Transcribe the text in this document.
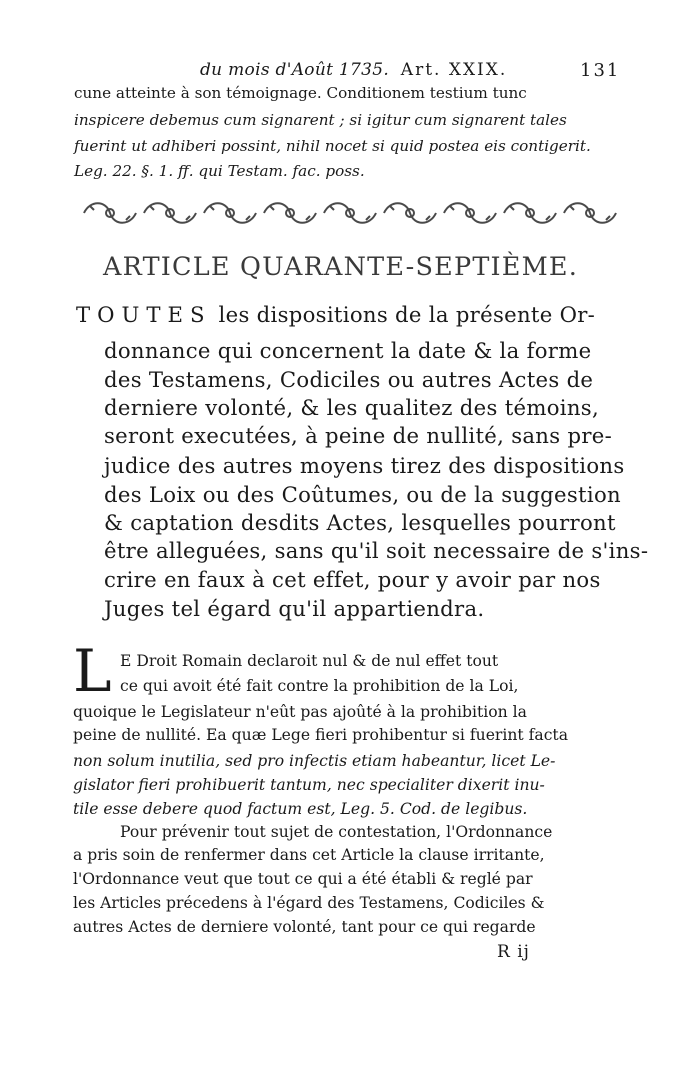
du mois d'Août 1735. Art. XXIX.	131
cune atteinte à son témoignage. Conditionem testium tunc
inspicere debemus cum signarent ; si igitur cum signarent tales
fuerint ut adhiberi possint, nihil nocet si quid postea eis contigerit.
Leg. 22. §. 1. ff. qui Testam. fac. poss.
ARTICLE QUARANTE-SEPTIÈME.
TOUTES les dispositions de la présente Or-
donnance qui concernent la date & la forme
des Testamens, Codiciles ou autres Actes de
derniere volonté, & les qualitez des témoins,
seront executées, à peine de nullité, sans pre-
judice des autres moyens tirez des dispositions
des Loix ou des Coûtumes, ou de la suggestion
& captation desdits Actes, lesquelles pourront
être alleguées, sans qu'il soit necessaire de s'ins-
crire en faux à cet effet, pour y avoir par nos
Juges tel égard qu'il appartiendra.
L E Droit Romain declaroit nul & de nul effet tout
ce qui avoit été fait contre la prohibition de la Loi,
quoique le Legislateur n'eût pas ajoûté à la prohibition la
peine de nullité. Ea quæ Lege fieri prohibentur si fuerint facta
non solum inutilia, sed pro infectis etiam habeantur, licet Le-
gislator fieri prohibuerit tantum, nec specialiter dixerit inu-
tile esse debere quod factum est, Leg. 5. Cod. de legibus.
Pour prévenir tout sujet de contestation, l'Ordonnance
a pris soin de renfermer dans cet Article la clause irritante,
l'Ordonnance veut que tout ce qui a été établi & reglé par
les Articles précedens à l'égard des Testamens, Codiciles &
autres Actes de derniere volonté, tant pour ce qui regarde
R ij
